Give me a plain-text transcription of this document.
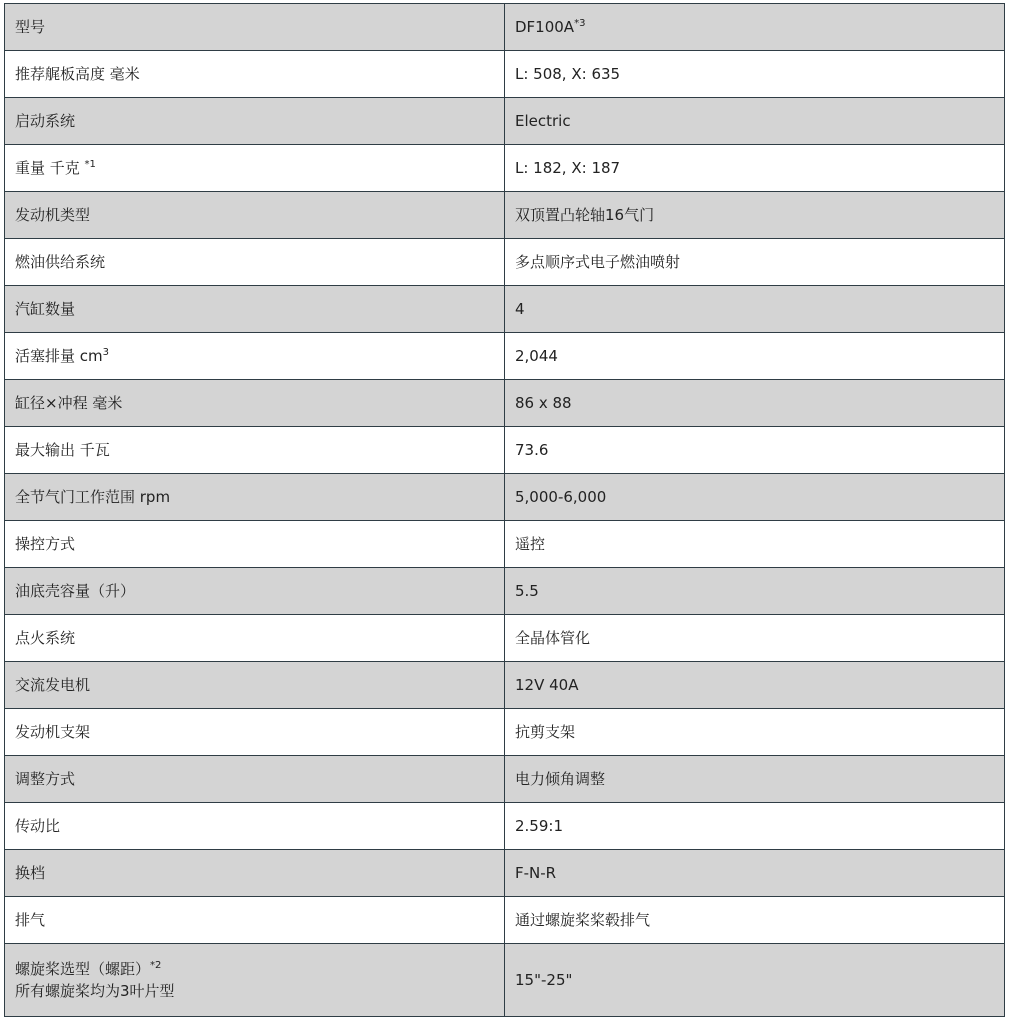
型号	$DF100A^{*3}$
推荐艉板高度 毫米	L: 508, X: 635
启动系统	Electric
重量 千克 $^{*1}$	L: 182, X: 187
发动机类型	双顶置凸轮轴16气门
燃油供给系统	多点顺序式电子燃油喷射
汽缸数量	4
活塞排量 $cm^3$	2,044
缸径×冲程 毫米	86 x 88
最大输出 千瓦	73.6
全节气门工作范围 rpm	5,000-6,000
操控方式	遥控
油底壳容量（升）	5.5
点火系统	全晶体管化
交流发电机	12V 40A
发动机支架	抗剪支架
调整方式	电力倾角调整
传动比	2.59:1
换档	F-N-R
排气	通过螺旋桨桨毂排气

螺旋桨选型（螺距）$^{*2}$
所有螺旋桨均为3叶片型	15"-25"
